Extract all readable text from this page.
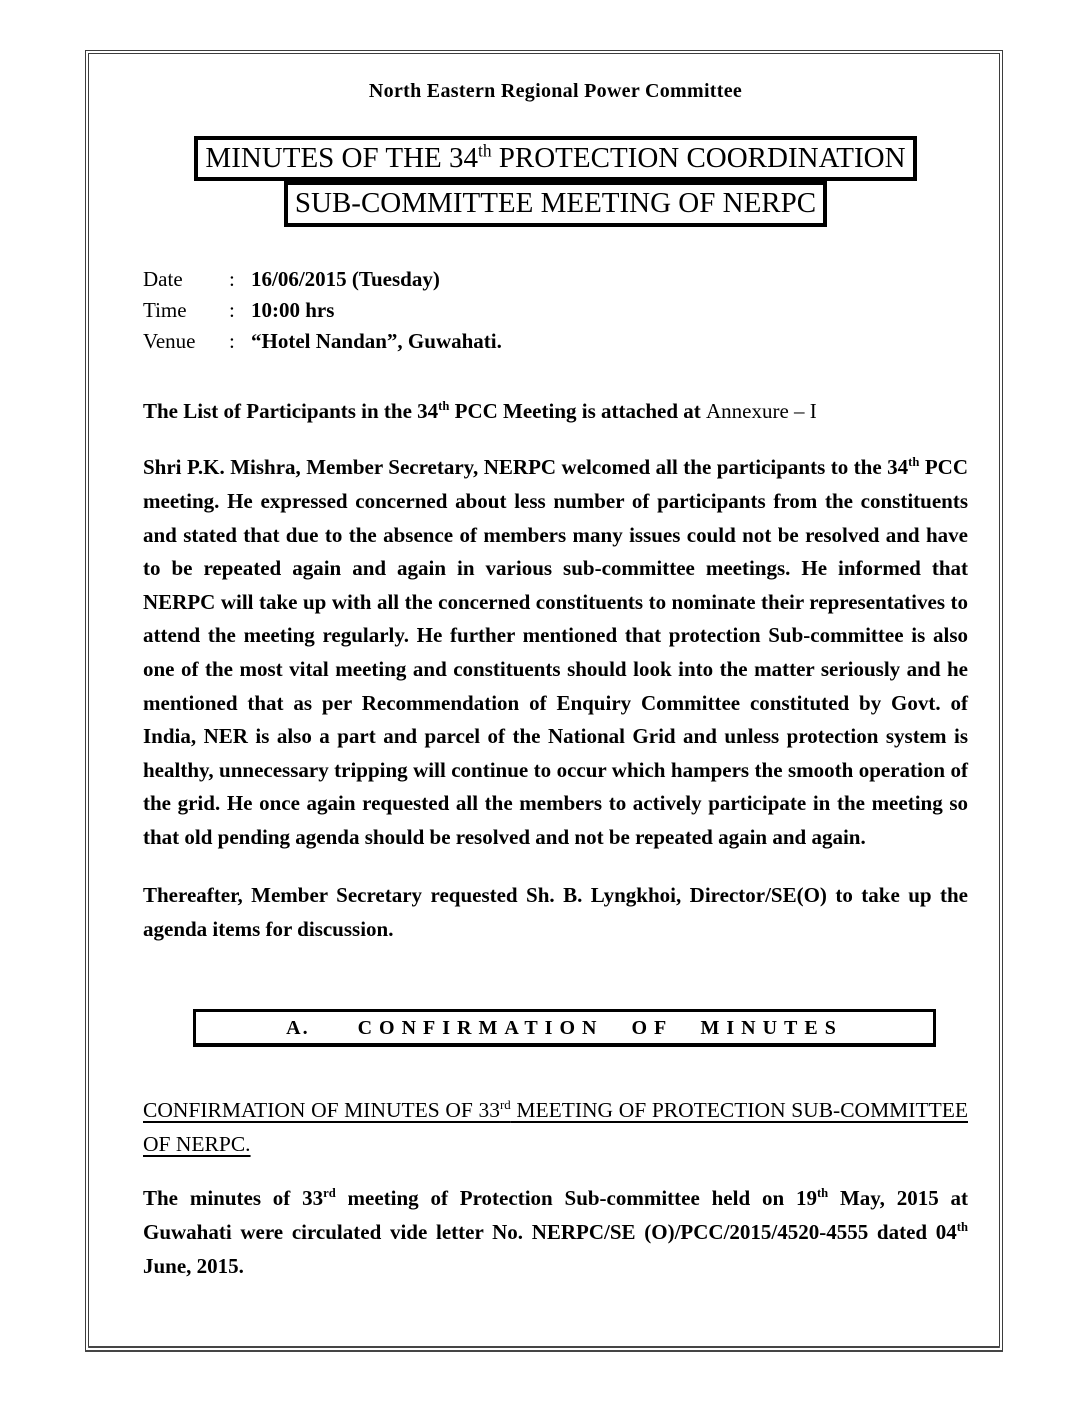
North Eastern Regional Power Committee
MINUTES OF THE 34th PROTECTION COORDINATION
SUB-COMMITTEE MEETING OF NERPC
Date	: 16/06/2015 (Tuesday)
Time	: 10:00 hrs
Venue	: “Hotel Nandan”, Guwahati.

The List of Participants in the 34th PCC Meeting is attached at Annexure – I

Shri P.K. Mishra, Member Secretary, NERPC welcomed all the participants to the 34th PCC meeting. He expressed concerned about less number of participants from the constituents and stated that due to the absence of members many issues could not be resolved and have to be repeated again and again in various sub-committee meetings. He informed that NERPC will take up with all the concerned constituents to nominate their representatives to attend the meeting regularly. He further mentioned that protection Sub-committee is also one of the most vital meeting and constituents should look into the matter seriously and he mentioned that as per Recommendation of Enquiry Committee constituted by Govt. of India, NER is also a part and parcel of the National Grid and unless protection system is healthy, unnecessary tripping will continue to occur which hampers the smooth operation of the grid. He once again requested all the members to actively participate in the meeting so that old pending agenda should be resolved and not be repeated again and again.

Thereafter, Member Secretary requested Sh. B. Lyngkhoi, Director/SE(O) to take up the agenda items for discussion.

A. CONFIRMATION OF MINUTES

CONFIRMATION OF MINUTES OF 33rd MEETING OF PROTECTION SUB-COMMITTEE OF NERPC.

The minutes of 33rd meeting of Protection Sub-committee held on 19th May, 2015 at Guwahati were circulated vide letter No. NERPC/SE (O)/PCC/2015/4520-4555 dated 04th June, 2015.
